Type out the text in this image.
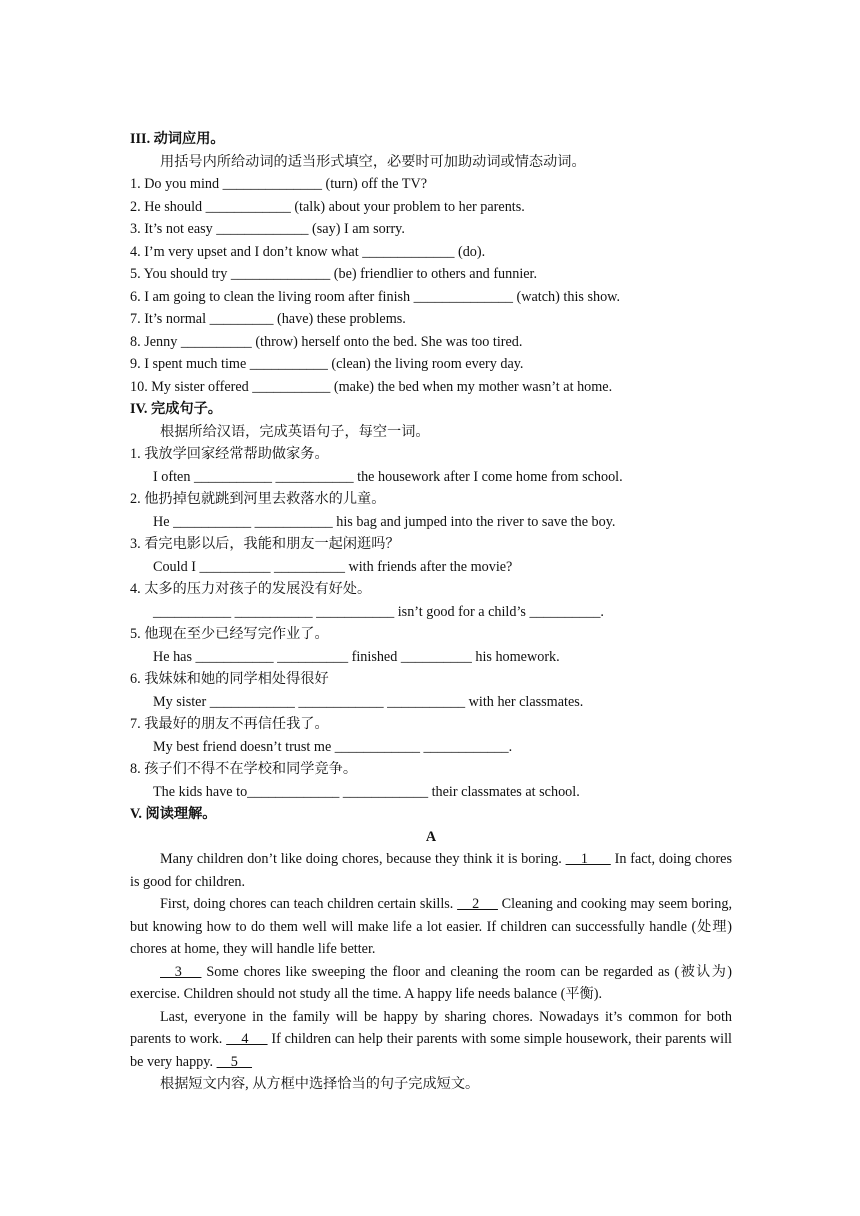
III. 动词应用。
用括号内所给动词的适当形式填空，必要时可加助动词或情态动词。
1. Do you mind ______________ (turn) off the TV?
2. He should ____________ (talk) about your problem to her parents.
3. It’s not easy _____________ (say) I am sorry.
4. I’m very upset and I don’t know what _____________ (do).
5. You should try ______________ (be) friendlier to others and funnier.
6. I am going to clean the living room after finish ______________ (watch) this show.
7. It’s normal _________ (have) these problems.
8. Jenny __________ (throw) herself onto the bed. She was too tired.
9. I spent much time ___________ (clean) the living room every day.
10. My sister offered ___________ (make) the bed when my mother wasn’t at home.
IV. 完成句子。
根据所给汉语，完成英语句子，每空一词。
1. 我放学回家经常帮助做家务。
I often ___________ ___________ the housework after I come home from school.
2. 他扔掉包就跳到河里去救落水的儿童。
He ___________ ___________ his bag and jumped into the river to save the boy.
3. 看完电影以后，我能和朋友一起闲逛吗？
Could I __________ __________ with friends after the movie?
4. 太多的压力对孩子的发展没有好处。
___________ ___________ ___________ isn’t good for a child’s __________.
5. 他现在至少已经写完作业了。
He has ___________ __________ finished __________ his homework.
6. 我妹妹和她的同学相处得很好
My sister ____________ ____________ ___________ with her classmates.
7. 我最好的朋友不再信任我了。
My best friend doesn’t trust me ____________ ____________.
8. 孩子们不得不在学校和同学竞争。
The kids have to_____________ ____________ their classmates at school.
V. 阅读理解。
A

Many children don’t like doing chores, because they think it is boring.     1       In fact, doing chores is good for children.

First, doing chores can teach children certain skills.     2      Cleaning and cooking may seem boring, but knowing how to do them well will make life a lot easier. If children can successfully handle (处理) chores at home, they will handle life better.

3     Some chores like sweeping the floor and cleaning the room can be regarded as (被认为) exercise. Children should not study all the time. A happy life needs balance (平衡).

Last, everyone in the family will be happy by sharing chores. Nowadays it’s common for both parents to work.     4      If children can help their parents with some simple housework, their parents will be very happy.     5

根据短文内容, 从方框中选择恰当的句子完成短文。
